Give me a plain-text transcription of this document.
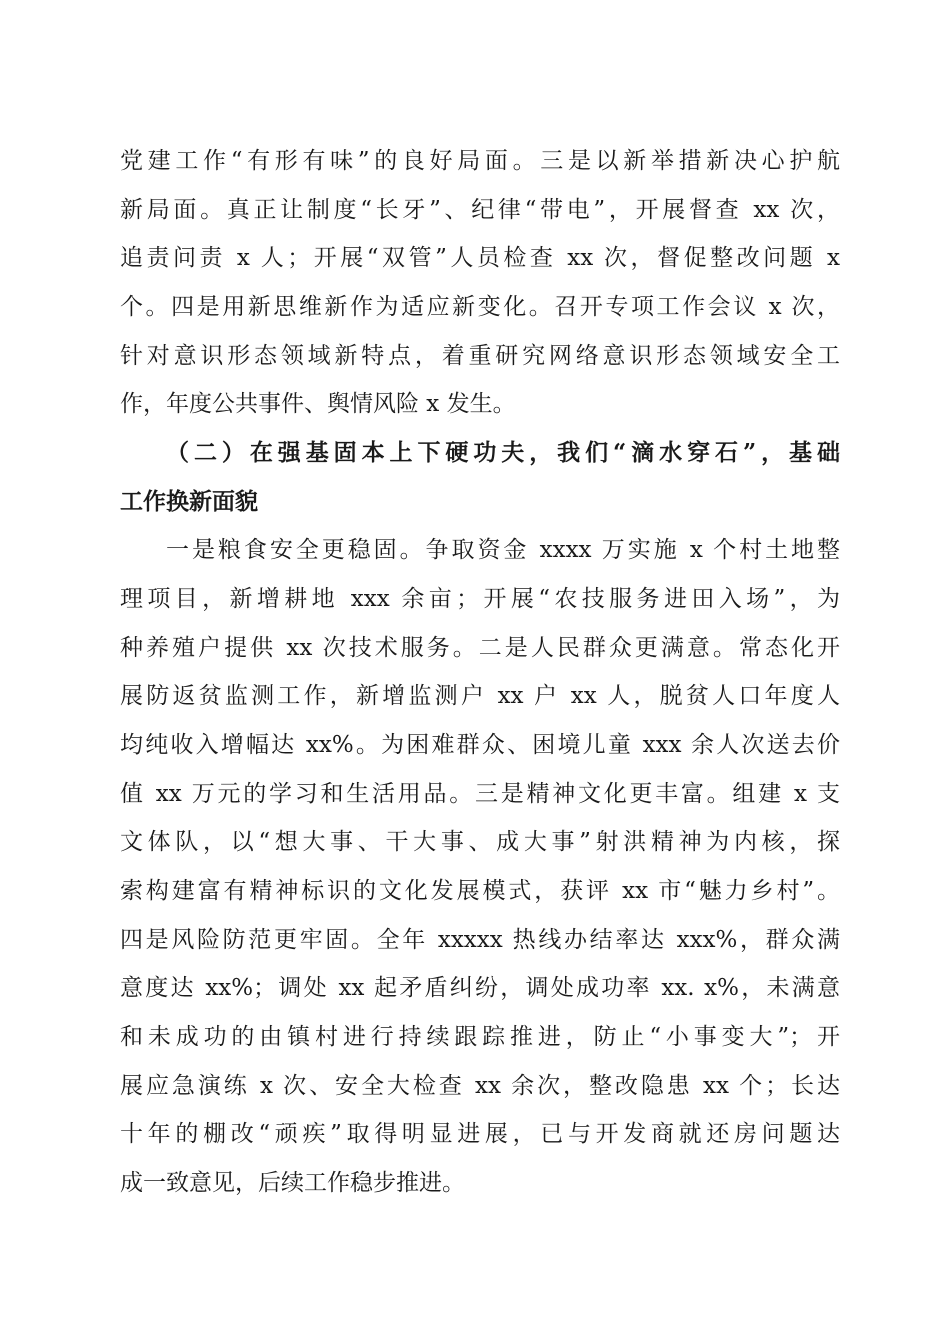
党建工作“有形有味”的良好局面。三是以新举措新决心护航
新局面。真正让制度“长牙”、纪律“带电”，开展督查 xx 次，
追责问责 x 人；开展“双管”人员检查 xx 次，督促整改问题 x
个。四是用新思维新作为适应新变化。召开专项工作会议 x 次，
针对意识形态领域新特点，着重研究网络意识形态领域安全工
作，年度公共事件、舆情风险 x 发生。
（二）在强基固本上下硬功夫，我们“滴水穿石”，基础
工作换新面貌
一是粮食安全更稳固。争取资金 xxxx 万实施 x 个村土地整
理项目，新增耕地 xxx 余亩；开展“农技服务进田入场”，为
种养殖户提供 xx 次技术服务。二是人民群众更满意。常态化开
展防返贫监测工作，新增监测户 xx 户 xx 人，脱贫人口年度人
均纯收入增幅达 xx%。为困难群众、困境儿童 xxx 余人次送去价
值 xx 万元的学习和生活用品。三是精神文化更丰富。组建 x 支
文体队，以“想大事、干大事、成大事”射洪精神为内核，探
索构建富有精神标识的文化发展模式，获评 xx 市“魅力乡村”。
四是风险防范更牢固。全年 xxxxx 热线办结率达 xxx%，群众满
意度达 xx%；调处 xx 起矛盾纠纷，调处成功率 xx. x%，未满意
和未成功的由镇村进行持续跟踪推进，防止“小事变大”；开
展应急演练 x 次、安全大检查 xx 余次，整改隐患 xx 个；长达
十年的棚改“顽疾”取得明显进展，已与开发商就还房问题达
成一致意见，后续工作稳步推进。
